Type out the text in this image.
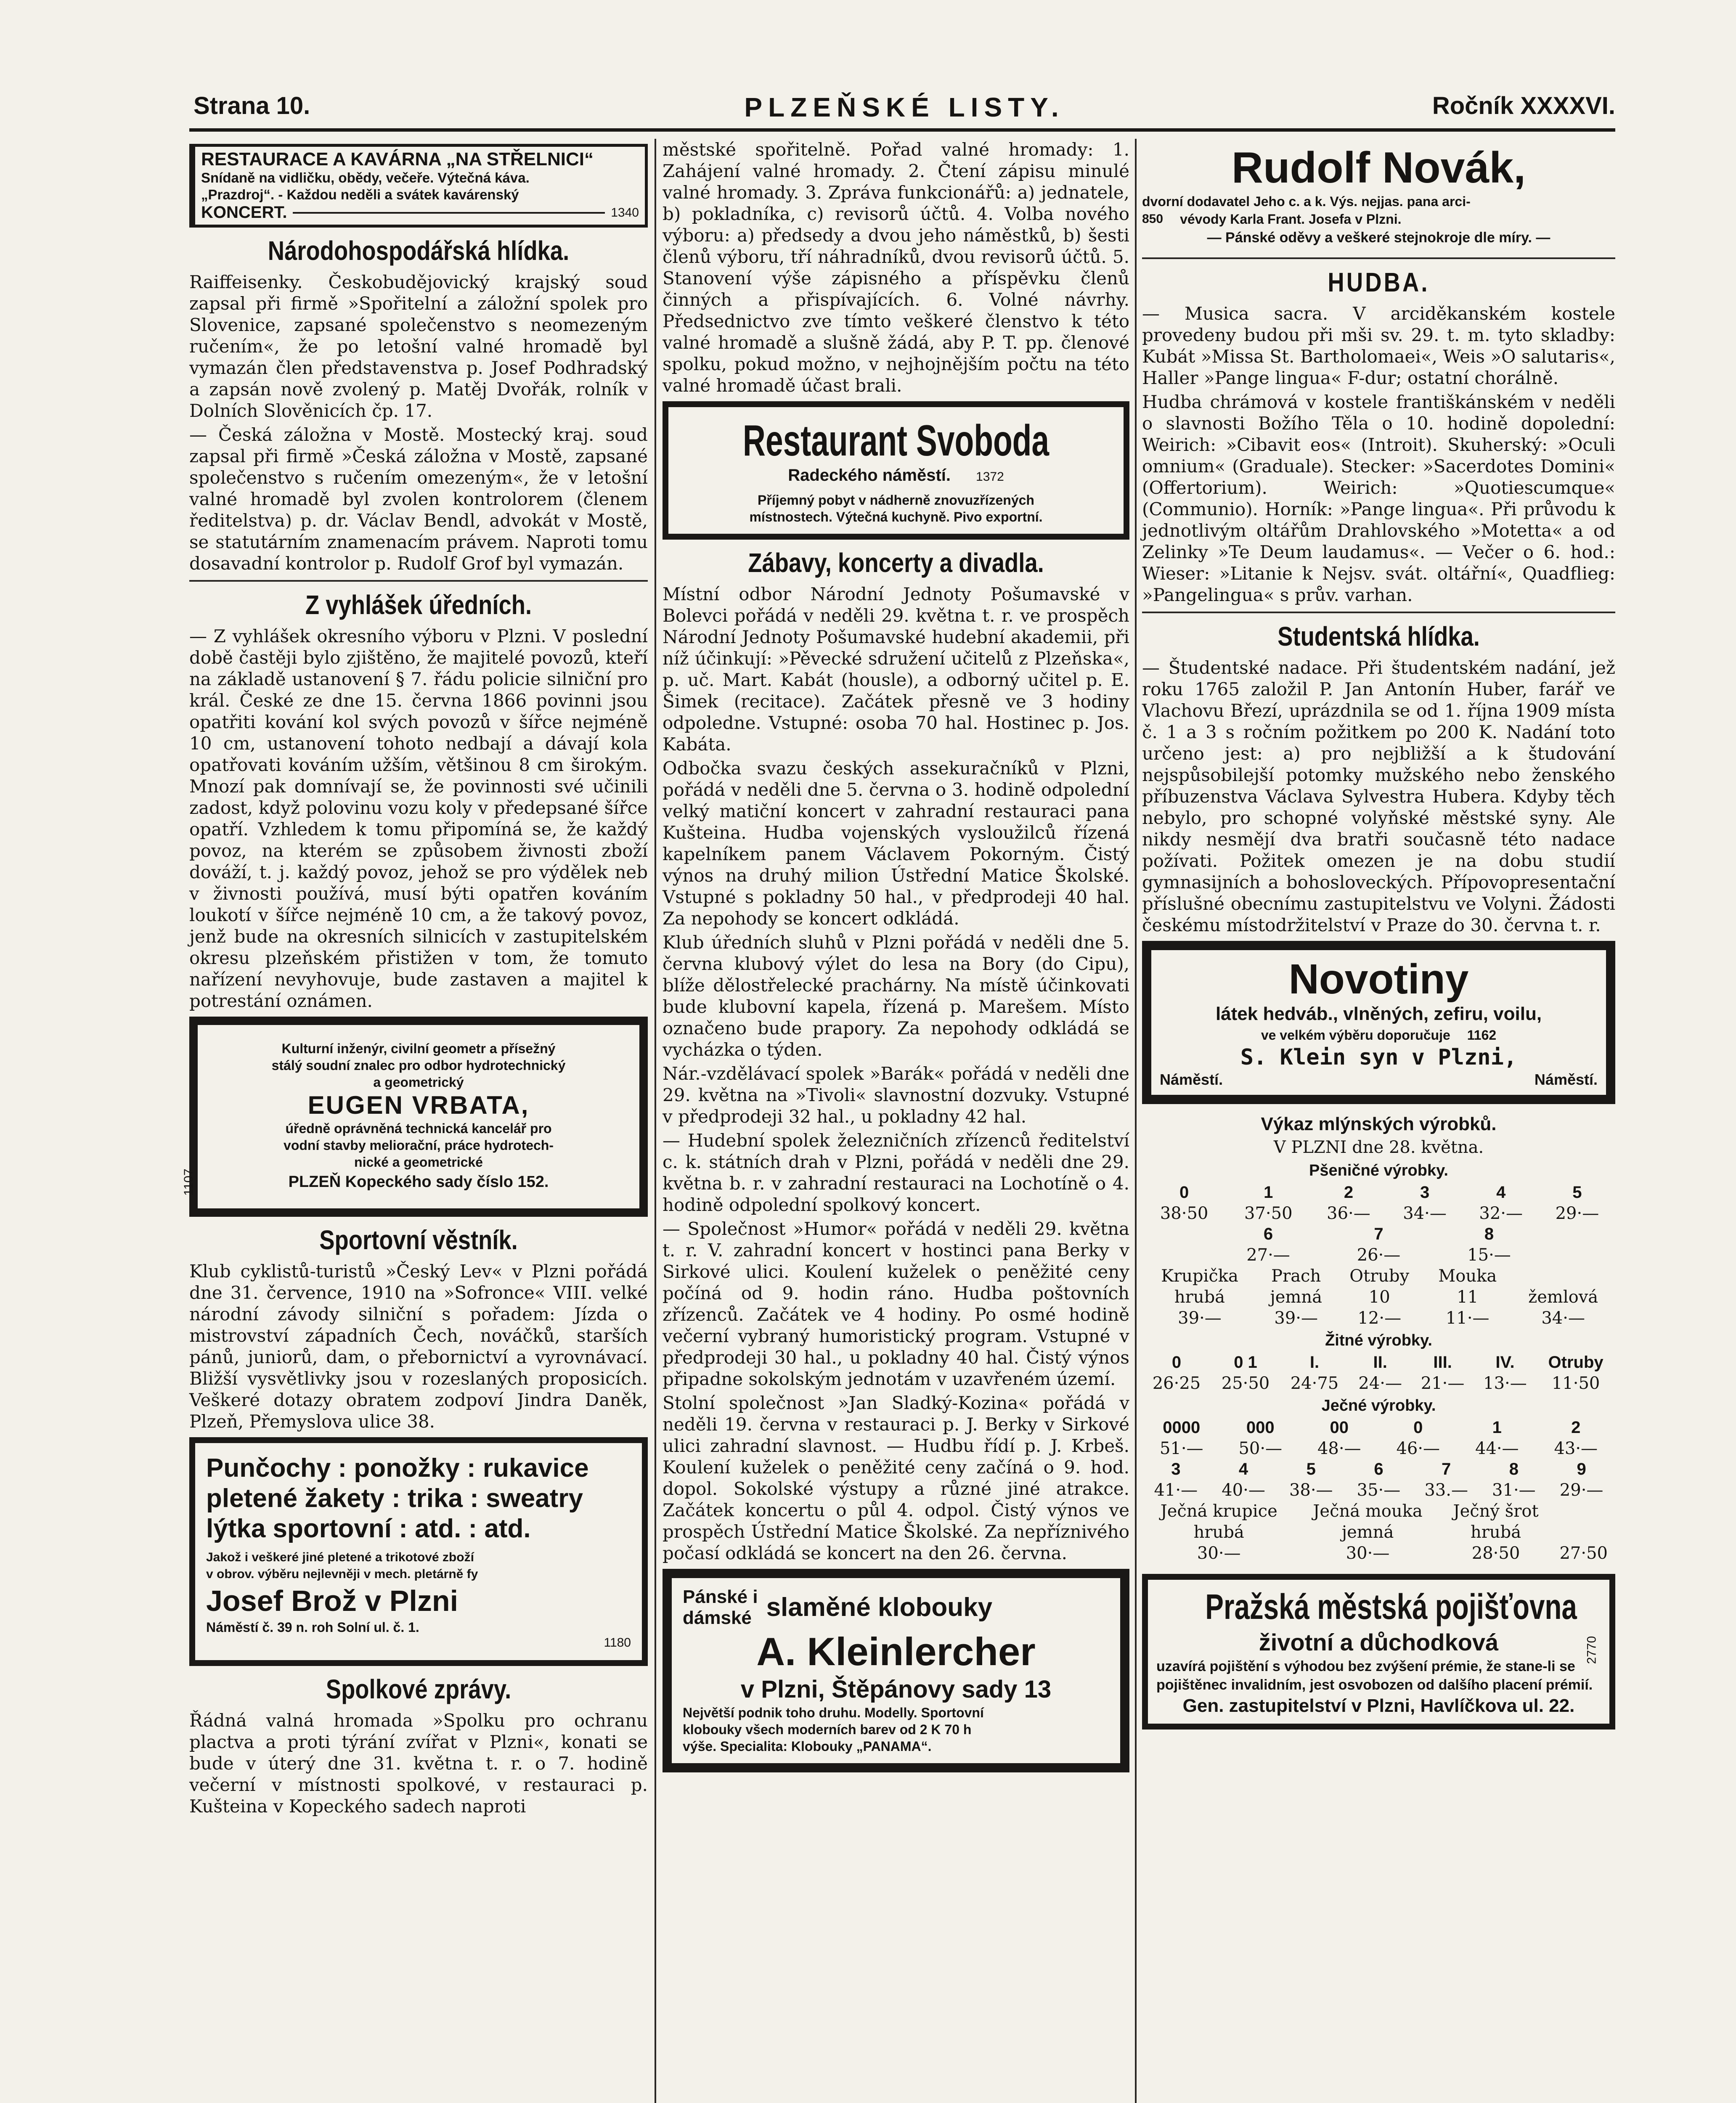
Strana 10.	PLZEŇSKÉ LISTY.	Ročník XXXXVI.
RESTAURACE A KAVÁRNA „NA STŘELNICI“
Snídaně na vidličku, obědy, večeře. Výtečná káva.
„Prazdroj“. - Každou neděli a svátek kavárenský
KONCERT.	1340
Národohospodářská hlídka.

Raiffeisenky. Českobudějovický krajský soud zapsal při firmě »Spořitelní a záložní spolek pro Slovenice, zapsané společenstvo s neomezeným ručením«, že po letošní valné hromadě byl vymazán člen představenstva p. Josef Podhradský a zapsán nově zvolený p. Matěj Dvořák, rolník v Dolních Slověnicích čp. 17.

— Česká záložna v Mostě. Mostecký kraj. soud zapsal při firmě »Česká záložna v Mostě, zapsané společenstvo s ručením omezeným«, že v letošní valné hromadě byl zvolen kontrolorem (členem ředitelstva) p. dr. Václav Bendl, advokát v Mostě, se statutárním znamenacím právem. Naproti tomu dosavadní kontrolor p. Rudolf Grof byl vymazán.

Z vyhlášek úředních.

— Z vyhlášek okresního výboru v Plzni. V poslední době častěji bylo zjištěno, že majitelé povozů, kteří na základě ustanovení § 7. řádu policie silniční pro král. České ze dne 15. června 1866 povinni jsou opatřiti kování kol svých povozů v šířce nejméně 10 cm, ustanovení tohoto nedbají a dávají kola opatřovati kováním užším, většinou 8 cm širokým. Mnozí pak domnívají se, že povinnosti své učinili zadost, když polovinu vozu koly v předepsané šířce opatří. Vzhledem k tomu připomíná se, že každý povoz, na kterém se způsobem živnosti zboží dováží, t. j. každý povoz, jehož se pro výdělek neb v živnosti používá, musí býti opatřen kováním loukotí v šířce nejméně 10 cm, a že takový povoz, jenž bude na okresních silnicích v zastupitelském okresu plzeňském přistižen v tom, že tomuto nařízení nevyhovuje, bude zastaven a majitel k potrestání oznámen.

Kulturní inženýr, civilní geometr a přísežný
stálý soudní znalec pro odbor hydrotechnický
a geometrický
EUGEN VRBATA,
úředně oprávněná technická kancelář pro
vodní stavby meliorační, práce hydrotech-
nické a geometrické
PLZEŇ Kopeckého sady číslo 152.
1107
Sportovní věstník.

Klub cyklistů-turistů »Český Lev« v Plzni pořádá dne 31. července, 1910 na »Sofronce« VIII. velké národní závody silniční s pořadem: Jízda o mistrovství západních Čech, nováčků, starších pánů, juniorů, dam, o přebornictví a vyrovnávací. Bližší vysvětlivky jsou v rozeslaných proposicích. Veškeré dotazy obratem zodpoví Jindra Daněk, Plzeň, Přemyslova ulice 38.

Punčochy : ponožky : rukavice
pletené žakety : trika : sweatry
lýtka sportovní : atd. : atd.
Jakož i veškeré jiné pletené a trikotové zboží
v obrov. výběru nejlevněji v mech. pletárně fy
Josef Brož v Plzni
Náměstí č. 39 n. roh Solní ul. č. 1.
1180
Spolkové zprávy.

Řádná valná hromada »Spolku pro ochranu plactva a proti týrání zvířat v Plzni«, konati se bude v úterý dne 31. května t. r. o 7. hodině večerní v místnosti spolkové, v restauraci p. Kušteina v Kopeckého sadech naproti

městské spořitelně. Pořad valné hromady: 1. Zahájení valné hromady. 2. Čtení zápisu minulé valné hromady. 3. Zpráva funkcionářů: a) jednatele, b) pokladníka, c) revisorů účtů. 4. Volba nového výboru: a) předsedy a dvou jeho náměstků, b) šesti členů výboru, tří náhradníků, dvou revisorů účtů. 5. Stanovení výše zápisného a příspěvku členů činných a přispívajících. 6. Volné návrhy. Předsednictvo zve tímto veškeré členstvo k této valné hromadě a slušně žádá, aby P. T. pp. členové spolku, pokud možno, v nejhojnějším počtu na této valné hromadě účast brali.

Restaurant Svoboda
Radeckého náměstí. 1372
Příjemný pobyt v nádherně znovuzřízených
místnostech. Výtečná kuchyně. Pivo exportní.
Zábavy, koncerty a divadla.

Místní odbor Národní Jednoty Pošumavské v Bolevci pořádá v neděli 29. května t. r. ve prospěch Národní Jednoty Pošumavské hudební akademii, při níž účinkují: »Pěvecké sdružení učitelů z Plzeňska«, p. uč. Mart. Kabát (housle), a odborný učitel p. E. Šimek (recitace). Začátek přesně ve 3 hodiny odpoledne. Vstupné: osoba 70 hal. Hostinec p. Jos. Kabáta.

Odbočka svazu českých assekuračníků v Plzni, pořádá v neděli dne 5. června o 3. hodině odpolední velký matiční koncert v zahradní restauraci pana Kušteina. Hudba vojenských vysloužilců řízená kapelníkem panem Václavem Pokorným. Čistý výnos na druhý milion Ústřední Matice Školské. Vstupné s pokladny 50 hal., v předprodeji 40 hal. Za nepohody se koncert odkládá.

Klub úředních sluhů v Plzni pořádá v neděli dne 5. června klubový výlet do lesa na Bory (do Cipu), blíže dělostřelecké prachárny. Na místě účinkovati bude klubovní kapela, řízená p. Marešem. Místo označeno bude prapory. Za nepohody odkládá se vycházka o týden.

Nár.-vzdělávací spolek »Barák« pořádá v neděli dne 29. května na »Tivoli« slavnostní dozvuky. Vstupné v předprodeji 32 hal., u pokladny 42 hal.

— Hudební spolek železničních zřízenců ředitelství c. k. státních drah v Plzni, pořádá v neděli dne 29. května b. r. v zahradní restauraci na Lochotíně o 4. hodině odpolední spolkový koncert.

— Společnost »Humor« pořádá v neděli 29. května t. r. V. zahradní koncert v hostinci pana Berky v Sirkové ulici. Koulení kuželek o peněžité ceny počíná od 9. hodin ráno. Hudba poštovních zřízenců. Začátek ve 4 hodiny. Po osmé hodině večerní vybraný humoristický program. Vstupné v předprodeji 30 hal., u pokladny 40 hal. Čistý výnos připadne sokolským jednotám v uzavřeném území.

Stolní společnost »Jan Sladký-Kozina« pořádá v neděli 19. června v restauraci p. J. Berky v Sirkové ulici zahradní slavnost. — Hudbu řídí p. J. Krbeš. Koulení kuželek o peněžité ceny začíná o 9. hod. dopol. Sokolské výstupy a různé jiné atrakce. Začátek koncertu o půl 4. odpol. Čistý výnos ve prospěch Ústřední Matice Školské. Za nepříznivého počasí odkládá se koncert na den 26. června.

Pánské i
dámské slaměné klobouky
A. Kleinlercher
v Plzni, Štěpánovy sady 13
Největší podnik toho druhu. Modelly. Sportovní
klobouky všech moderních barev od 2 K 70 h
výše. Specialita: Klobouky „PANAMA“.
Rudolf Novák,
dvorní dodavatel Jeho c. a k. Výs. nejjas. pana arci-
850 vévody Karla Frant. Josefa v Plzni.
— Pánské oděvy a veškeré stejnokroje dle míry. —
HUDBA.

— Musica sacra. V arciděkanském kostele provedeny budou při mši sv. 29. t. m. tyto skladby: Kubát »Missa St. Bartholomaei«, Weis »O salutaris«, Haller »Pange lingua« F-dur; ostatní chorálně.

Hudba chrámová v kostele františkánském v neděli o slavnosti Božího Těla o 10. hodině dopolední: Weirich: »Cibavit eos« (Introit). Skuherský: »Oculi omnium« (Graduale). Stecker: »Sacerdotes Domini« (Offertorium). Weirich: »Quotiescumque« (Communio). Horník: »Pange lingua«. Při průvodu k jednotlivým oltářům Drahlovského »Motetta« a od Zelinky »Te Deum laudamus«. — Večer o 6. hod.: Wieser: »Litanie k Nejsv. svát. oltářní«, Quadflieg: »Pangelingua« s prův. varhan.

Studentská hlídka.

— Študentské nadace. Při študentském nadání, jež roku 1765 založil P. Jan Antonín Huber, farář ve Vlachovu Březí, uprázdnila se od 1. října 1909 místa č. 1 a 3 s ročním požitkem po 200 K. Nadání toto určeno jest: a) pro nejbližší a k študování nejspůsobilejší potomky mužského nebo ženského příbuzenstva Václava Sylvestra Hubera. Kdyby těch nebylo, pro schopné volyňské městské syny. Ale nikdy nesmějí dva bratři současně této nadace požívati. Požitek omezen je na dobu studií gymnasijních a bohosloveckých. Přípovopresentační příslušné obecnímu zastupitelstvu ve Volyni. Žádosti českému místodržitelství v Praze do 30. června t. r.

Novotiny
látek hedváb., vlněných, zefiru, voilu,
ve velkém výběru doporučuje 1162
S. Klein syn v Plzni,
Náměstí.	Náměstí.
Výkaz mlýnských výrobků.
V PLZNI dne 28. května.
Pšeničné výrobky.
0	1	2	3	4	5
38·50	37·50	36·—	34·—	32·—	29·—
6	7	8
27·—	26·—	15·—
Krupička	Prach	Otruby	Mouka	
hrubá	jemná	10	11	žemlová
39·—	39·—	12·—	11·—	34·—
Žitné výrobky.
0	0 1	I.	II.	III.	IV.	Otruby
26·25	25·50	24·75	24·—	21·—	13·—	11·50
Ječné výrobky.
0000	000	00	0	1	2
51·—	50·—	48·—	46·—	44·—	43·—
3	4	5	6	7	8	9
41·—	40·—	38·—	35·—	33.—	31·—	29·—
Ječná krupice	Ječná mouka	Ječný šrot	
hrubá	jemná	hrubá	
30·—	30·—	28·50	27·50
Pražská městská pojišťovna
životní a důchodková	2770
uzavírá pojištění s výhodou bez zvýšení prémie, že stane-li se pojištěnec invalidním, jest osvobozen od dalšího placení prémií.
Gen. zastupitelství v Plzni, Havlíčkova ul. 22.
